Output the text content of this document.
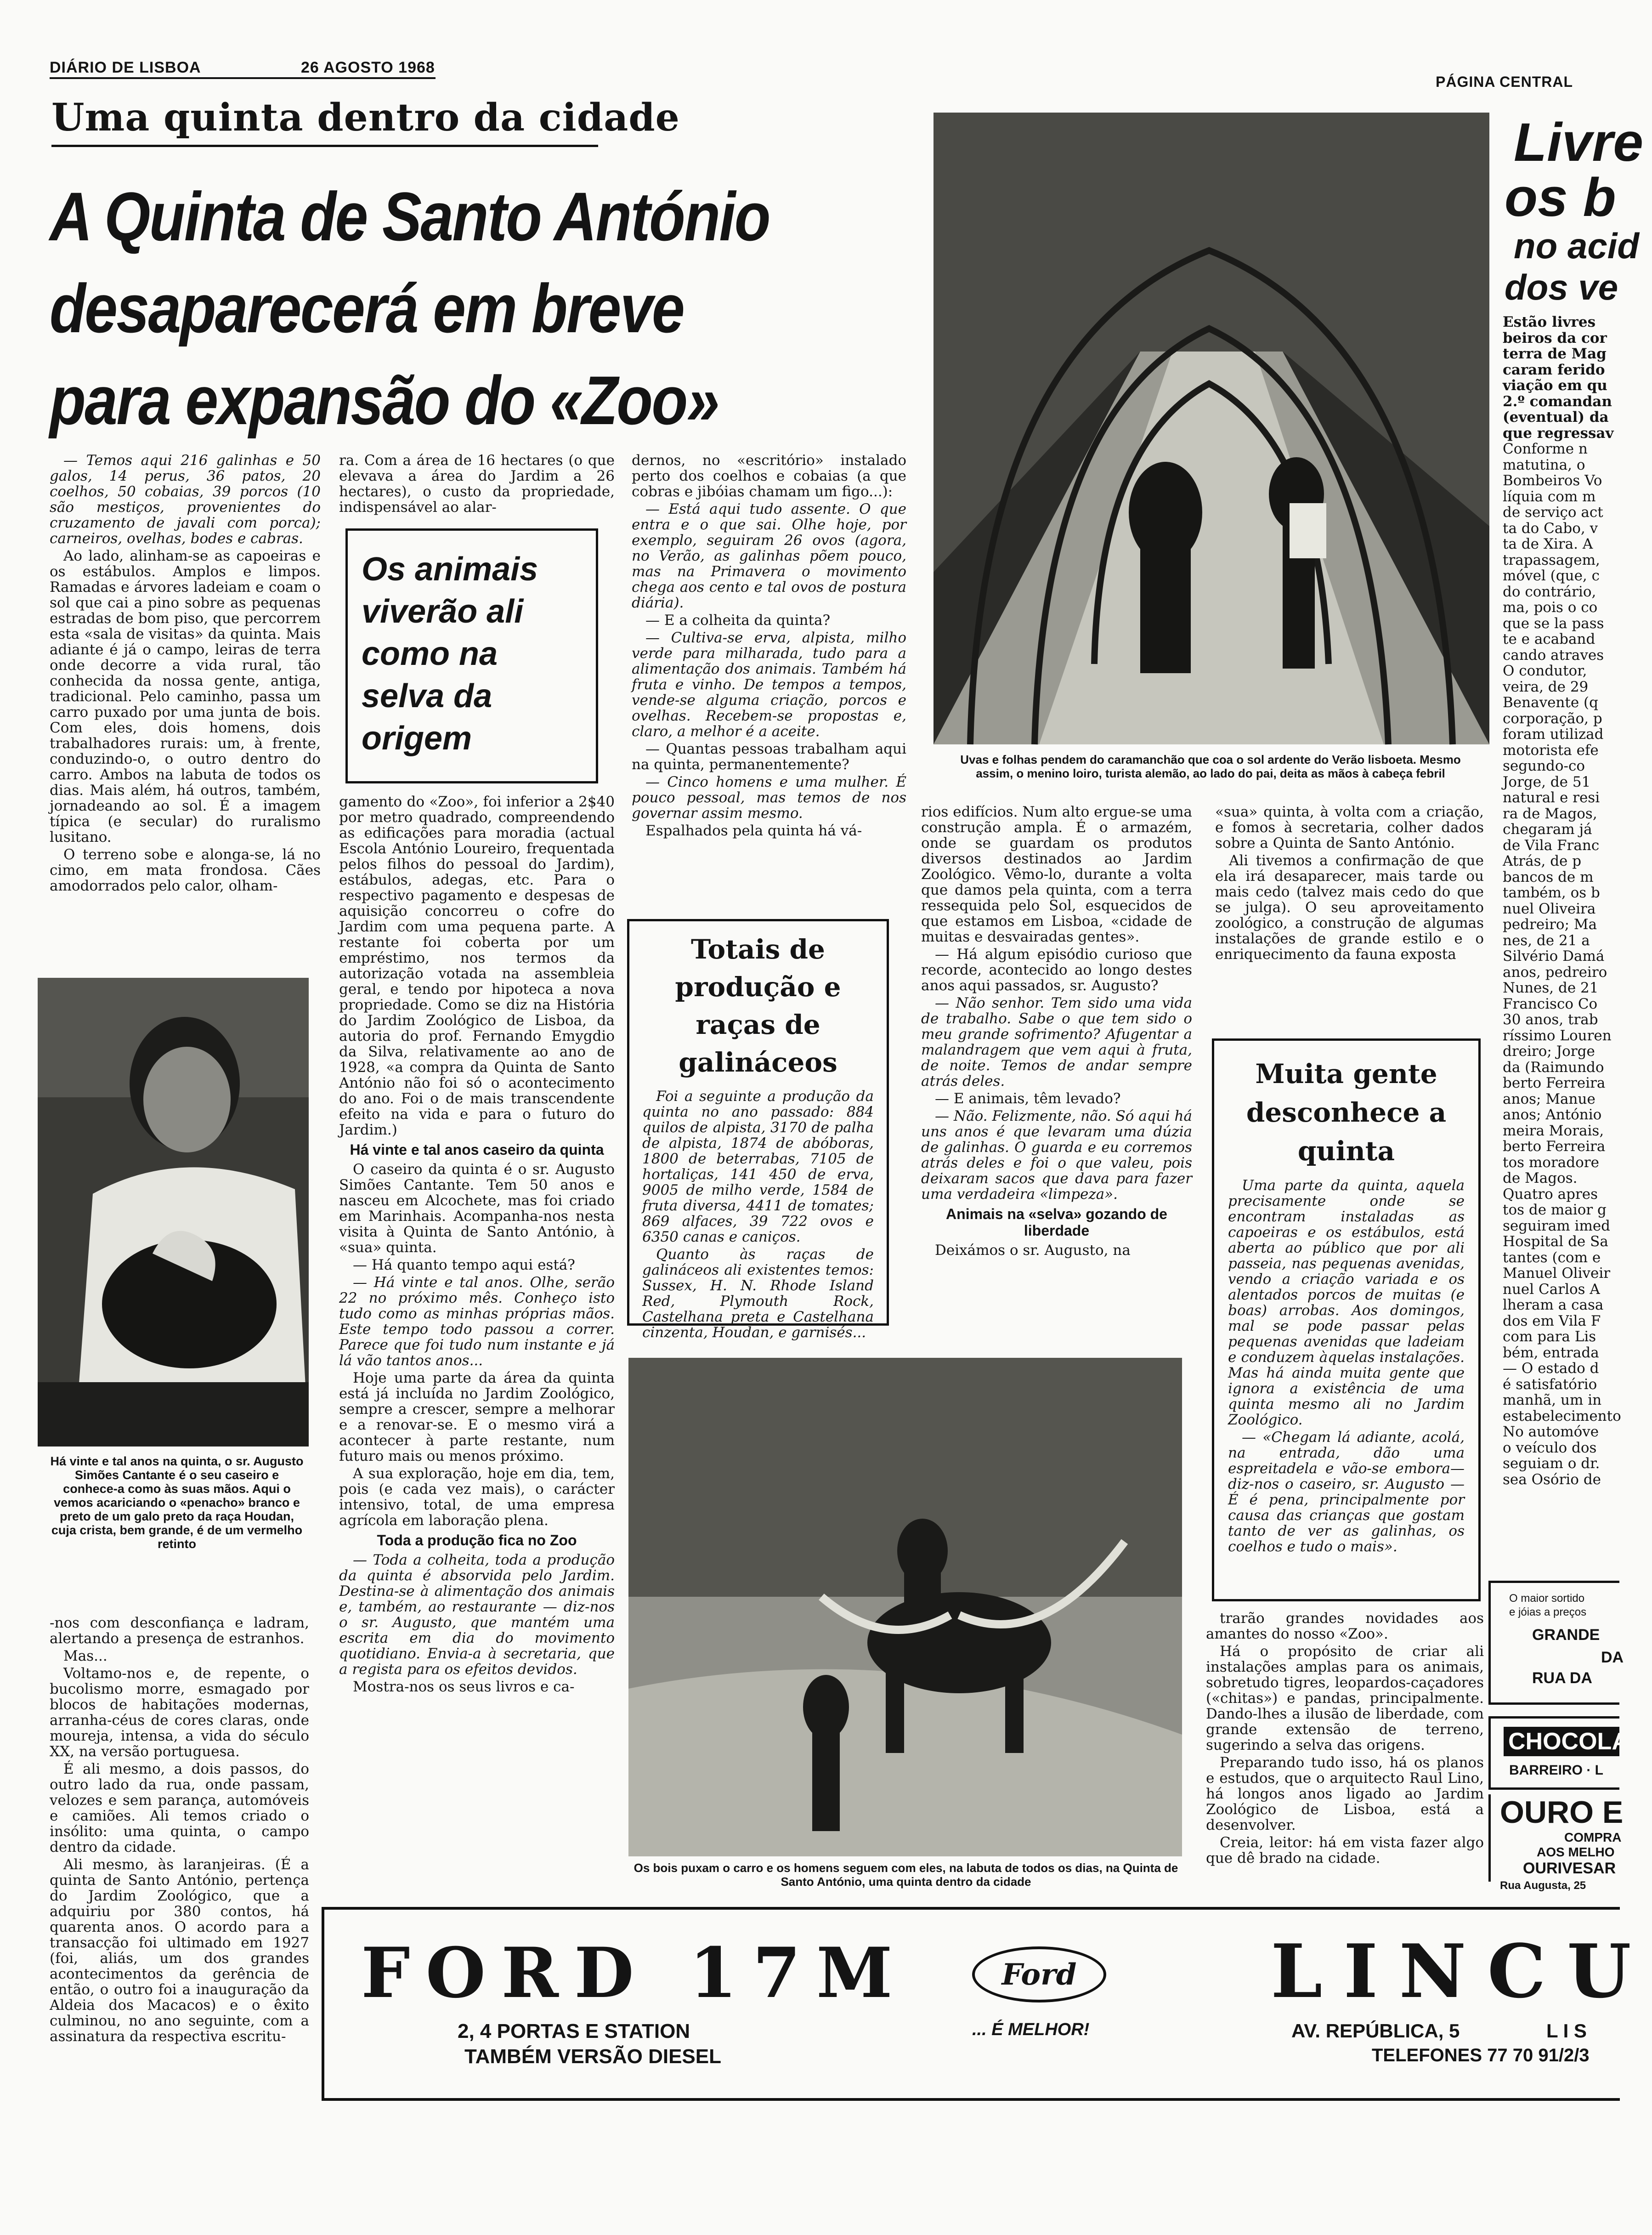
DIÁRIO DE LISBOA	26 AGOSTO 1968
PÁGINA CENTRAL
Uma quinta dentro da cidade
A Quinta de Santo António
desaparecerá em breve
para expansão do «Zoo»

— Temos aqui 216 galinhas e 50 galos, 14 perus, 36 patos, 20 coelhos, 50 cobaias, 39 porcos (10 são mestiços, provenientes do cruzamento de javali com porca); carneiros, ovelhas, bodes e cabras.

Ao lado, alinham-se as capoeiras e os estábulos. Amplos e limpos. Ramadas e árvores ladeiam e coam o sol que cai a pino sobre as pequenas estradas de bom piso, que percorrem esta «sala de visitas» da quinta. Mais adiante é já o campo, leiras de terra onde decorre a vida rural, tão conhecida da nossa gente, antiga, tradicional. Pelo caminho, passa um carro puxado por uma junta de bois. Com eles, dois homens, dois trabalhadores rurais: um, à frente, conduzindo-o, o outro dentro do carro. Ambos na labuta de todos os dias. Mais além, há outros, também, jornadeando ao sol. É a imagem típica (e secular) do ruralismo lusitano.

O terreno sobe e alonga-se, lá no cimo, em mata frondosa. Cães amodorrados pelo calor, olham-

Há vinte e tal anos na quinta, o sr. Augusto Simões Cantante é o seu caseiro e conhece-a como às suas mãos. Aqui o vemos acariciando o «penacho» branco e preto de um galo preto da raça Houdan, cuja crista, bem grande, é de um vermelho retinto

-nos com desconfiança e ladram, alertando a presença de estranhos.

Mas...

Voltamo-nos e, de repente, o bucolismo morre, esmagado por blocos de habitações modernas, arranha-céus de cores claras, onde moureja, intensa, a vida do século XX, na versão portuguesa.

É ali mesmo, a dois passos, do outro lado da rua, onde passam, velozes e sem parança, automóveis e camiões. Ali temos criado o insólito: uma quinta, o campo dentro da cidade.

Ali mesmo, às laranjeiras. (É a quinta de Santo António, pertença do Jardim Zoológico, que a adquiriu por 380 contos, há quarenta anos. O acordo para a transacção foi ultimado em 1927 (foi, aliás, um dos grandes acontecimentos da gerência de então, o outro foi a inauguração da Aldeia dos Macacos) e o êxito culminou, no ano seguinte, com a assinatura da respectiva escritu-

ra. Com a área de 16 hectares (o que elevava a área do Jardim a 26 hectares), o custo da propriedade, indispensável ao alar-
Os animais viverão ali como na selva da origem

gamento do «Zoo», foi inferior a 2$40 por metro quadrado, compreendendo as edificações para moradia (actual Escola António Loureiro, frequentada pelos filhos do pessoal do Jardim), estábulos, adegas, etc. Para o respectivo pagamento e despesas de aquisição concorreu o cofre do Jardim com uma pequena parte. A restante foi coberta por um empréstimo, nos termos da autorização votada na assembleia geral, e tendo por hipoteca a nova propriedade. Como se diz na História do Jardim Zoológico de Lisboa, da autoria do prof. Fernando Emygdio da Silva, relativamente ao ano de 1928, «a compra da Quinta de Santo António não foi só o acontecimento do ano. Foi o de mais transcendente efeito na vida e para o futuro do Jardim.)

Há vinte e tal anos caseiro da quinta

O caseiro da quinta é o sr. Augusto Simões Cantante. Tem 50 anos e nasceu em Alcochete, mas foi criado em Marinhais. Acompanha-nos nesta visita à Quinta de Santo António, à «sua» quinta.

— Há quanto tempo aqui está?

— Há vinte e tal anos. Olhe, serão 22 no próximo mês. Conheço isto tudo como as minhas próprias mãos. Este tempo todo passou a correr. Parece que foi tudo num instante e já lá vão tantos anos...

Hoje uma parte da área da quinta está já incluída no Jardim Zoológico, sempre a crescer, sempre a melhorar e a renovar-se. E o mesmo virá a acontecer à parte restante, num futuro mais ou menos próximo.

A sua exploração, hoje em dia, tem, pois (e cada vez mais), o carácter intensivo, total, de uma empresa agrícola em laboração plena.

Toda a produção fica no Zoo

— Toda a colheita, toda a produção da quinta é absorvida pelo Jardim. Destina-se à alimentação dos animais e, também, ao restaurante — diz-nos o sr. Augusto, que mantém uma escrita em dia do movimento quotidiano. Envia-a à secretaria, que a regista para os efeitos devidos.

Mostra-nos os seus livros e ca-

dernos, no «escritório» instalado perto dos coelhos e cobaias (a que cobras e jibóias chamam um figo...):

— Está aqui tudo assente. O que entra e o que sai. Olhe hoje, por exemplo, seguiram 26 ovos (agora, no Verão, as galinhas põem pouco, mas na Primavera o movimento chega aos cento e tal ovos de postura diária).

— E a colheita da quinta?

— Cultiva-se erva, alpista, milho verde para milharada, tudo para a alimentação dos animais. Também há fruta e vinho. De tempos a tempos, vende-se alguma criação, porcos e ovelhas. Recebem-se propostas e, claro, a melhor é a aceite.

— Quantas pessoas trabalham aqui na quinta, permanentemente?

— Cinco homens e uma mulher. É pouco pessoal, mas temos de nos governar assim mesmo.

Espalhados pela quinta há vá-

Totais de produção e raças de galináceos

Foi a seguinte a produção da quinta no ano passado: 884 quilos de alpista, 3170 de palha de alpista, 1874 de abóboras, 1800 de beterrabas, 7105 de hortaliças, 141 450 de erva, 9005 de milho verde, 1584 de fruta diversa, 4411 de tomates; 869 alfaces, 39 722 ovos e 6350 canas e caniços.

Quanto às raças de galináceos ali existentes temos: Sussex, H. N. Rhode Island Red, Plymouth Rock, Castelhana preta e Castelhana cinzenta, Houdan, e garnisés...

Uvas e folhas pendem do caramanchão que coa o sol ardente do Verão lisboeta. Mesmo assim, o menino loiro, turista alemão, ao lado do pai, deita as mãos à cabeça febril

rios edifícios. Num alto ergue-se uma construção ampla. É o armazém, onde se guardam os produtos diversos destinados ao Jardim Zoológico. Vêmo-lo, durante a volta que damos pela quinta, com a terra ressequida pelo Sol, esquecidos de que estamos em Lisboa, «cidade de muitas e desvairadas gentes».

— Há algum episódio curioso que recorde, acontecido ao longo destes anos aqui passados, sr. Augusto?

— Não senhor. Tem sido uma vida de trabalho. Sabe o que tem sido o meu grande sofrimento? Afugentar a malandragem que vem aqui à fruta, de noite. Temos de andar sempre atrás deles.

— E animais, têm levado?

— Não. Felizmente, não. Só aqui há uns anos é que levaram uma dúzia de galinhas. O guarda e eu corremos atrás deles e foi o que valeu, pois deixaram sacos que dava para fazer uma verdadeira «limpeza».

Animais na «selva» gozando de liberdade

Deixámos o sr. Augusto, na

«sua» quinta, à volta com a criação, e fomos à secretaria, colher dados sobre a Quinta de Santo António.

Ali tivemos a confirmação de que ela irá desaparecer, mais tarde ou mais cedo (talvez mais cedo do que se julga). O seu aproveitamento zoológico, a construção de algumas instalações de grande estilo e o enriquecimento da fauna exposta

Muita gente desconhece a quinta

Uma parte da quinta, aquela precisamente onde se encontram instaladas as capoeiras e os estábulos, está aberta ao público que por ali passeia, nas pequenas avenidas, vendo a criação variada e os alentados porcos de muitas (e boas) arrobas. Aos domingos, mal se pode passar pelas pequenas avenidas que ladeiam e conduzem àquelas instalações. Mas há ainda muita gente que ignora a existência de uma quinta mesmo ali no Jardim Zoológico.

— «Chegam lá adiante, acolá, na entrada, dão uma espreitadela e vão-se embora—diz-nos o caseiro, sr. Augusto — É é pena, principalmente por causa das crianças que gostam tanto de ver as galinhas, os coelhos e tudo o mais».

trarão grandes novidades aos amantes do nosso «Zoo».

Há o propósito de criar ali instalações amplas para os animais, sobretudo tigres, leopardos-caçadores («chitas») e pandas, principalmente. Dando-lhes a ilusão de liberdade, com grande extensão de terreno, sugerindo a selva das origens.

Preparando tudo isso, há os planos e estudos, que o arquitecto Raul Lino, há longos anos ligado ao Jardim Zoológico de Lisboa, está a desenvolver.

Creia, leitor: há em vista fazer algo que dê brado na cidade.

Os bois puxam o carro e os homens seguem com eles, na labuta de todos os dias, na Quinta de Santo António, uma quinta dentro da cidade
Livre
os b
no acid
dos ve
Estão livres
beiros da cor
terra de Mag
caram ferido
viação em qu
2.º comandan
(eventual) da
que regressav
Conforme n
matutina, o
Bombeiros Vo
líquia com m
de serviço act
ta do Cabo, v
ta de Xira. A
trapassagem,
móvel (que, c
do contrário,
ma, pois o co
que se la pass
te e acaband
cando atraves
O condutor,
veira, de 29
Benavente (q
corporação, p
foram utilizad
motorista efe
segundo-co
Jorge, de 51
natural e resi
ra de Magos,
chegaram já
de Vila Franc
Atrás, de p
bancos de m
também, os b
nuel Oliveira
pedreiro; Ma
nes, de 21 a
Silvério Damá
anos, pedreiro
Nunes, de 21
Francisco Co
30 anos, trab
ríssimo Louren
dreiro; Jorge
da (Raimundo
berto Ferreira
anos; Manue
anos; António
meira Morais,
berto Ferreira
tos moradore
de Magos.
Quatro apres
tos de maior g
seguiram imed
Hospital de Sa
tantes (com e
Manuel Oliveir
nuel Carlos A
lheram a casa
dos em Vila F
com para Lis
bém, entrada
— O estado d
é satisfatório
manhã, um in
estabelecimento
No automóve
o veículo dos
seguiam o dr.
sea Osório de
O maior sortido
e jóias a preços
GRANDE
DA
RUA DA
CHOCOLAT
BARREIRO · L
OURO E
COMPRA
AOS MELHO
OURIVESAR
Rua Augusta, 25
FORD 17M
2, 4 PORTAS E STATION
TAMBÉM VERSÃO DIESEL
Ford
... É MELHOR!
LINCU
AV. REPÚBLICA, 5	L I S
TELEFONES 77 70 91/2/3
